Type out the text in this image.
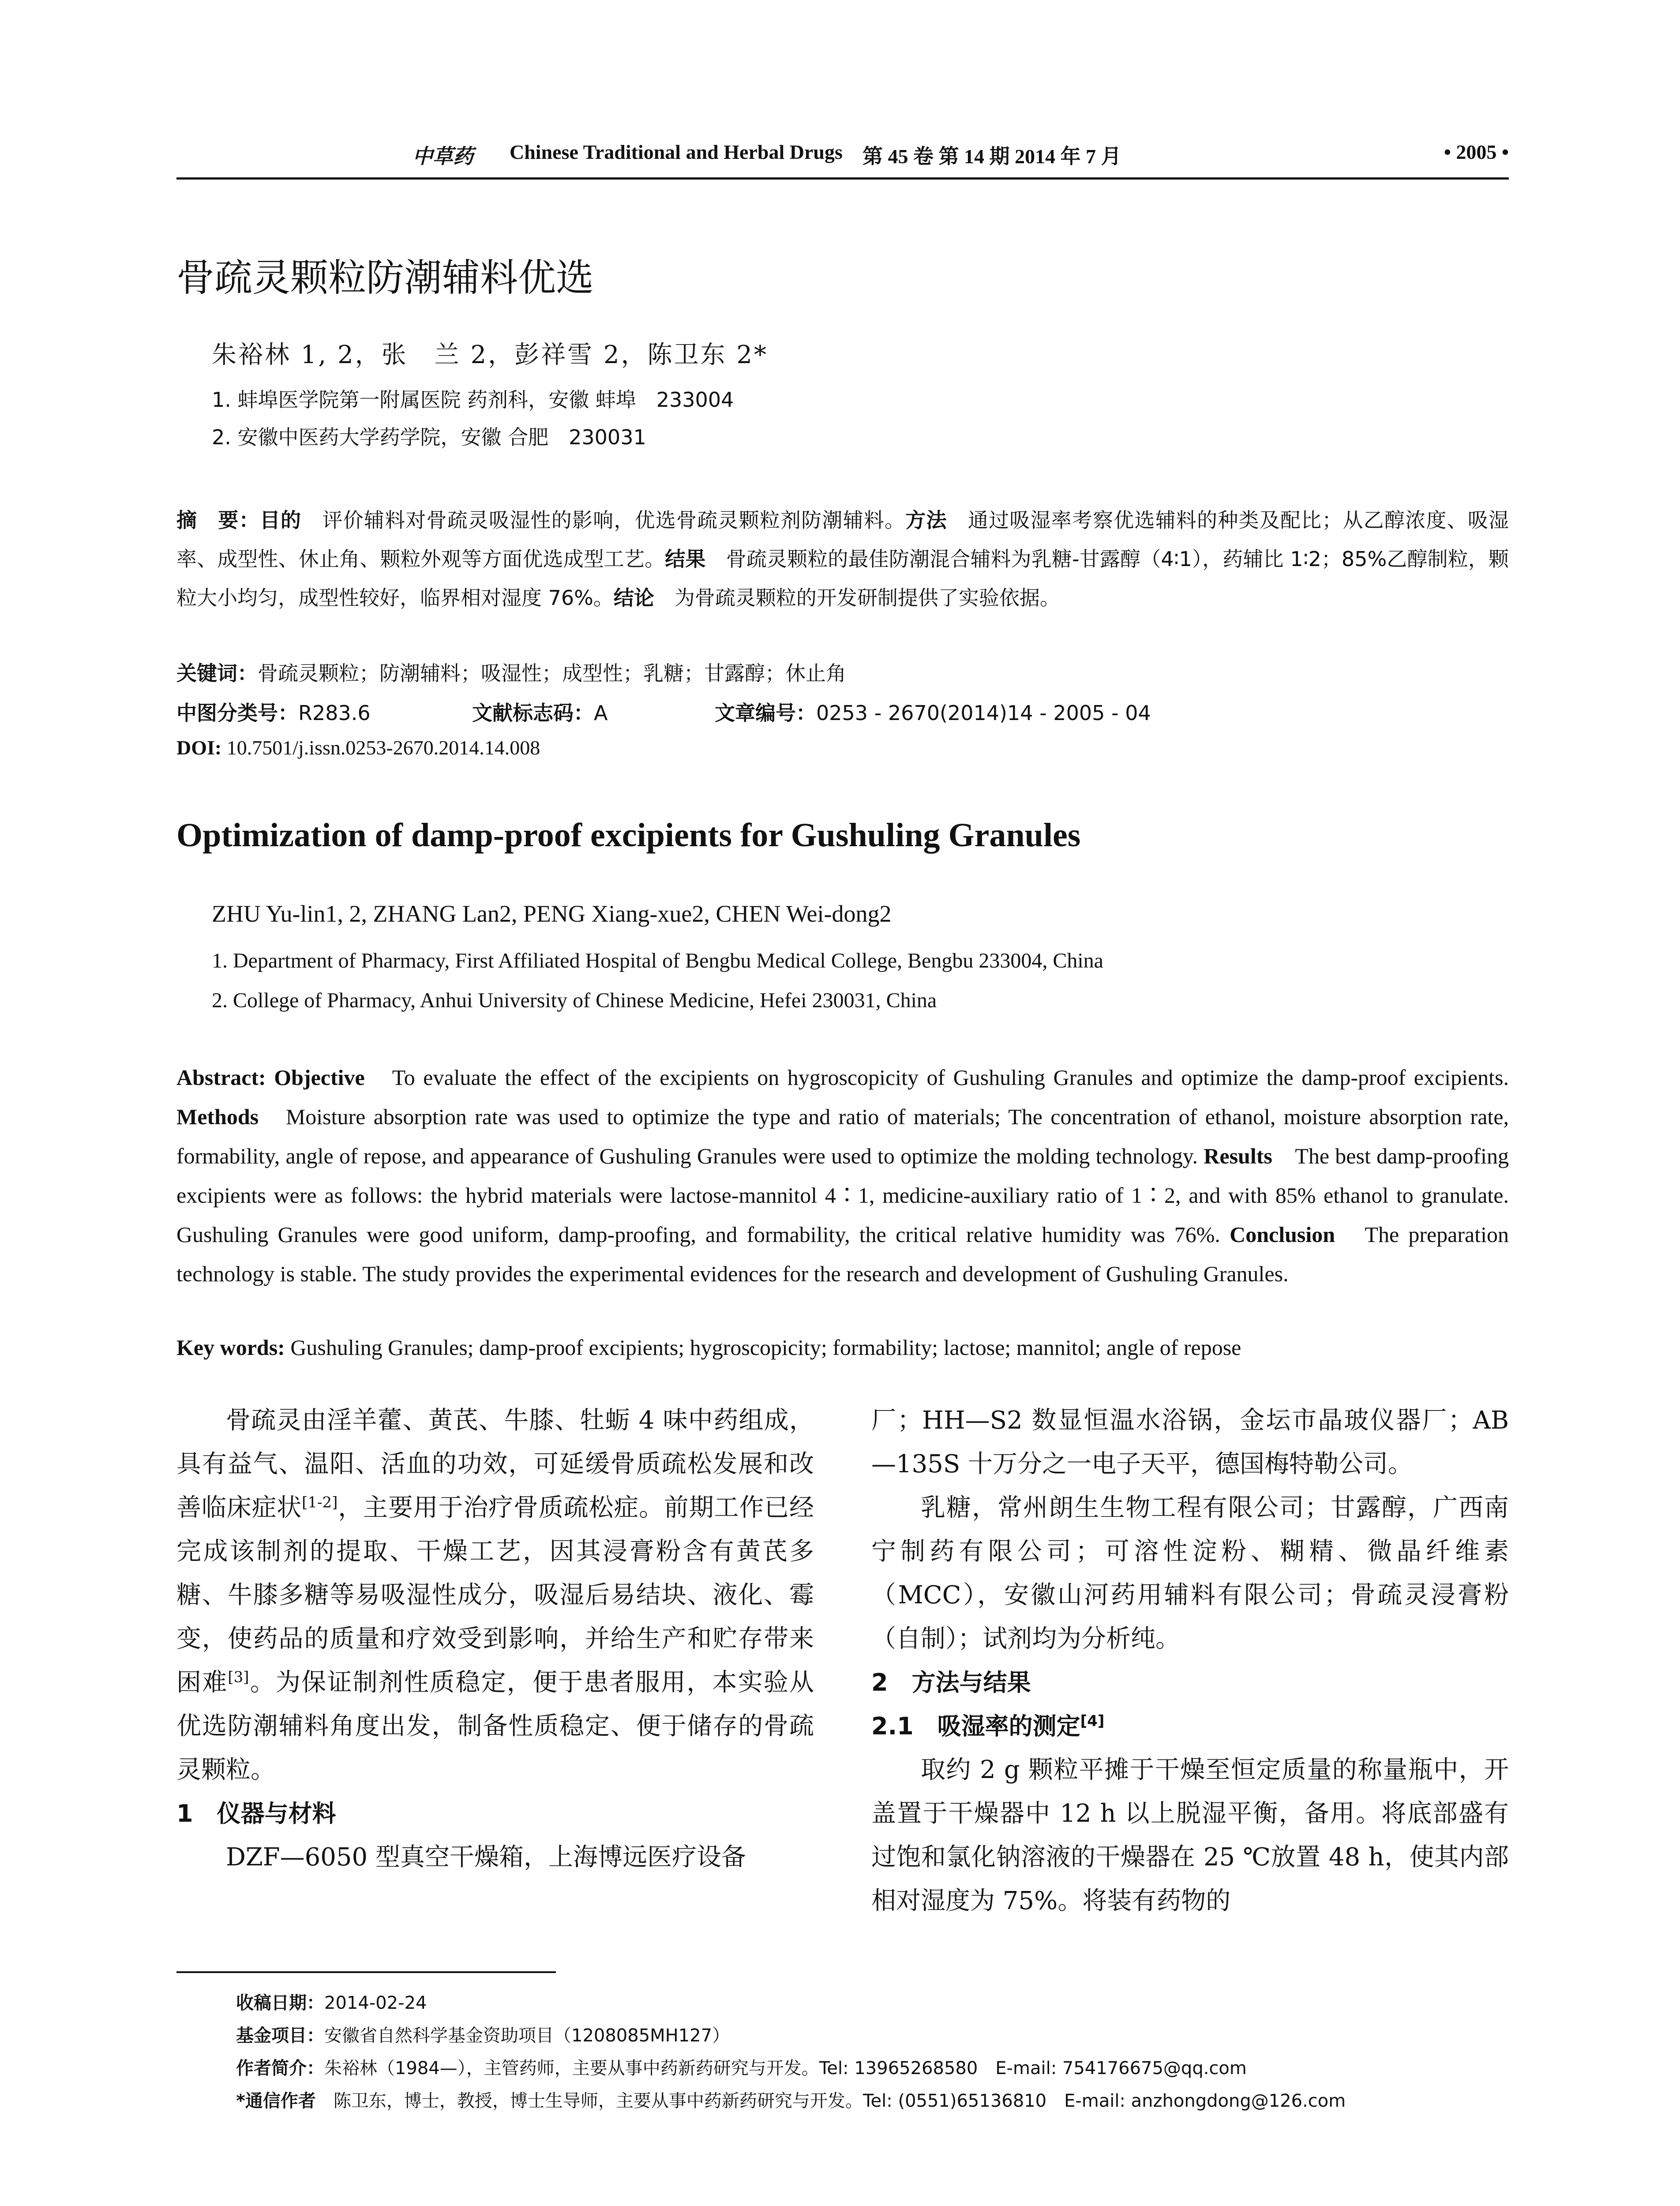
中草药 Chinese Traditional and Herbal Drugs 第 45 卷 第 14 期 2014 年 7 月	• 2005 •
骨疏灵颗粒防潮辅料优选
朱裕林 1, 2，张　兰 2，彭祥雪 2，陈卫东 2*
1. 蚌埠医学院第一附属医院 药剂科，安徽 蚌埠　233004
2. 安徽中医药大学药学院，安徽 合肥　230031
摘　要：目的　评价辅料对骨疏灵吸湿性的影响，优选骨疏灵颗粒剂防潮辅料。方法　通过吸湿率考察优选辅料的种类及配比；从乙醇浓度、吸湿率、成型性、休止角、颗粒外观等方面优选成型工艺。结果　骨疏灵颗粒的最佳防潮混合辅料为乳糖-甘露醇（4∶1），药辅比 1∶2；85%乙醇制粒，颗粒大小均匀，成型性较好，临界相对湿度 76%。结论　为骨疏灵颗粒的开发研制提供了实验依据。
关键词：骨疏灵颗粒；防潮辅料；吸湿性；成型性；乳糖；甘露醇；休止角
中图分类号：R283.6	文献标志码：A	文章编号：0253 - 2670(2014)14 - 2005 - 04
DOI: 10.7501/j.issn.0253-2670.2014.14.008
Optimization of damp-proof excipients for Gushuling Granules
ZHU Yu-lin1, 2, ZHANG Lan2, PENG Xiang-xue2, CHEN Wei-dong2
1. Department of Pharmacy, First Affiliated Hospital of Bengbu Medical College, Bengbu 233004, China
2. College of Pharmacy, Anhui University of Chinese Medicine, Hefei 230031, China
Abstract: Objective　To evaluate the effect of the excipients on hygroscopicity of Gushuling Granules and optimize the damp-proof excipients. Methods　Moisture absorption rate was used to optimize the type and ratio of materials; The concentration of ethanol, moisture absorption rate, formability, angle of repose, and appearance of Gushuling Granules were used to optimize the molding technology. Results　The best damp-proofing excipients were as follows: the hybrid materials were lactose-mannitol 4∶1, medicine-auxiliary ratio of 1∶2, and with 85% ethanol to granulate. Gushuling Granules were good uniform, damp-proofing, and formability, the critical relative humidity was 76%. Conclusion　The preparation technology is stable. The study provides the experimental evidences for the research and development of Gushuling Granules.
Key words: Gushuling Granules; damp-proof excipients; hygroscopicity; formability; lactose; mannitol; angle of repose

骨疏灵由淫羊藿、黄芪、牛膝、牡蛎 4 味中药组成，具有益气、温阳、活血的功效，可延缓骨质疏松发展和改善临床症状[1-2]，主要用于治疗骨质疏松症。前期工作已经完成该制剂的提取、干燥工艺，因其浸膏粉含有黄芪多糖、牛膝多糖等易吸湿性成分，吸湿后易结块、液化、霉变，使药品的质量和疗效受到影响，并给生产和贮存带来困难[3]。为保证制剂性质稳定，便于患者服用，本实验从优选防潮辅料角度出发，制备性质稳定、便于储存的骨疏灵颗粒。

1　仪器与材料

DZF—6050 型真空干燥箱，上海博远医疗设备

厂；HH—S2 数显恒温水浴锅，金坛市晶玻仪器厂；AB—135S 十万分之一电子天平，德国梅特勒公司。

乳糖，常州朗生生物工程有限公司；甘露醇，广西南宁制药有限公司；可溶性淀粉、糊精、微晶纤维素（MCC），安徽山河药用辅料有限公司；骨疏灵浸膏粉（自制）；试剂均为分析纯。

2　方法与结果

2.1　吸湿率的测定[4]

取约 2 g 颗粒平摊于干燥至恒定质量的称量瓶中，开盖置于干燥器中 12 h 以上脱湿平衡，备用。将底部盛有过饱和氯化钠溶液的干燥器在 25 ℃放置 48 h，使其内部相对湿度为 75%。将装有药物的

收稿日期：2014-02-24
基金项目：安徽省自然科学基金资助项目（1208085MH127）
作者简介：朱裕林（1984—），主管药师，主要从事中药新药研究与开发。Tel: 13965268580　E-mail: 754176675@qq.com
*通信作者　陈卫东，博士，教授，博士生导师，主要从事中药新药研究与开发。Tel: (0551)65136810　E-mail: anzhongdong@126.com
